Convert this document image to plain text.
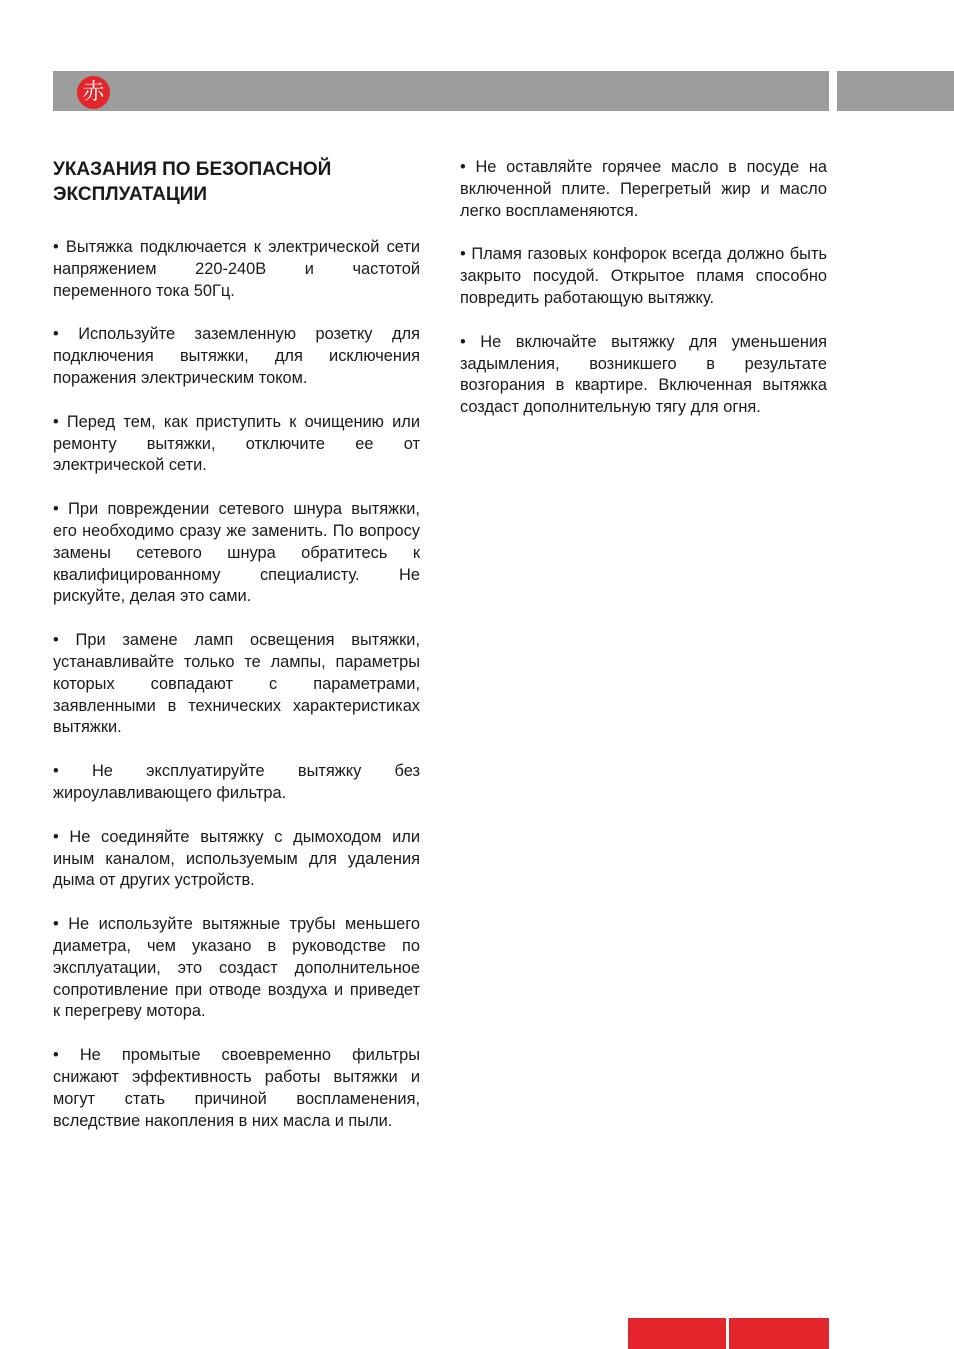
赤
УКАЗАНИЯ ПО БЕЗОПАСНОЙ
ЭКСПЛУАТАЦИИ

• Вытяжка подключается к электрической сети напряжением 220-240В и частотой переменного тока 50Гц.

• Используйте заземленную розетку для подключения вытяжки, для исключения поражения электрическим током.

• Перед тем, как приступить к очищению или ремонту вытяжки, отключите ее от электрической сети.

• При повреждении сетевого шнура вытяжки, его необходимо сразу же заменить. По вопросу замены сетевого шнура обратитесь к квалифицированному специалисту. Не рискуйте, делая это сами.

• При замене ламп освещения вытяжки, устанавливайте только те лампы, параметры которых совпадают с параметрами, заявленными в технических характеристиках вытяжки.

• Не эксплуатируйте вытяжку без жироулавливающего фильтра.

• Не соединяйте вытяжку с дымоходом или иным каналом, используемым для удаления дыма от других устройств.

• Не используйте вытяжные трубы меньшего диаметра, чем указано в руководстве по эксплуатации, это создаст дополнительное сопротивление при отводе воздуха и приведет к перегреву мотора.

• Не промытые своевременно фильтры снижают эффективность работы вытяжки и могут стать причиной воспламенения, вследствие накопления в них масла и пыли.

• Не оставляйте горячее масло в посуде на включенной плите. Перегретый жир и масло легко воспламеняются.

• Пламя газовых конфорок всегда должно быть закрыто посудой. Открытое пламя способно повредить работающую вытяжку.

• Не включайте вытяжку для уменьшения задымления, возникшего в результате возгорания в квартире. Включенная вытяжка создаст дополнительную тягу для огня.
